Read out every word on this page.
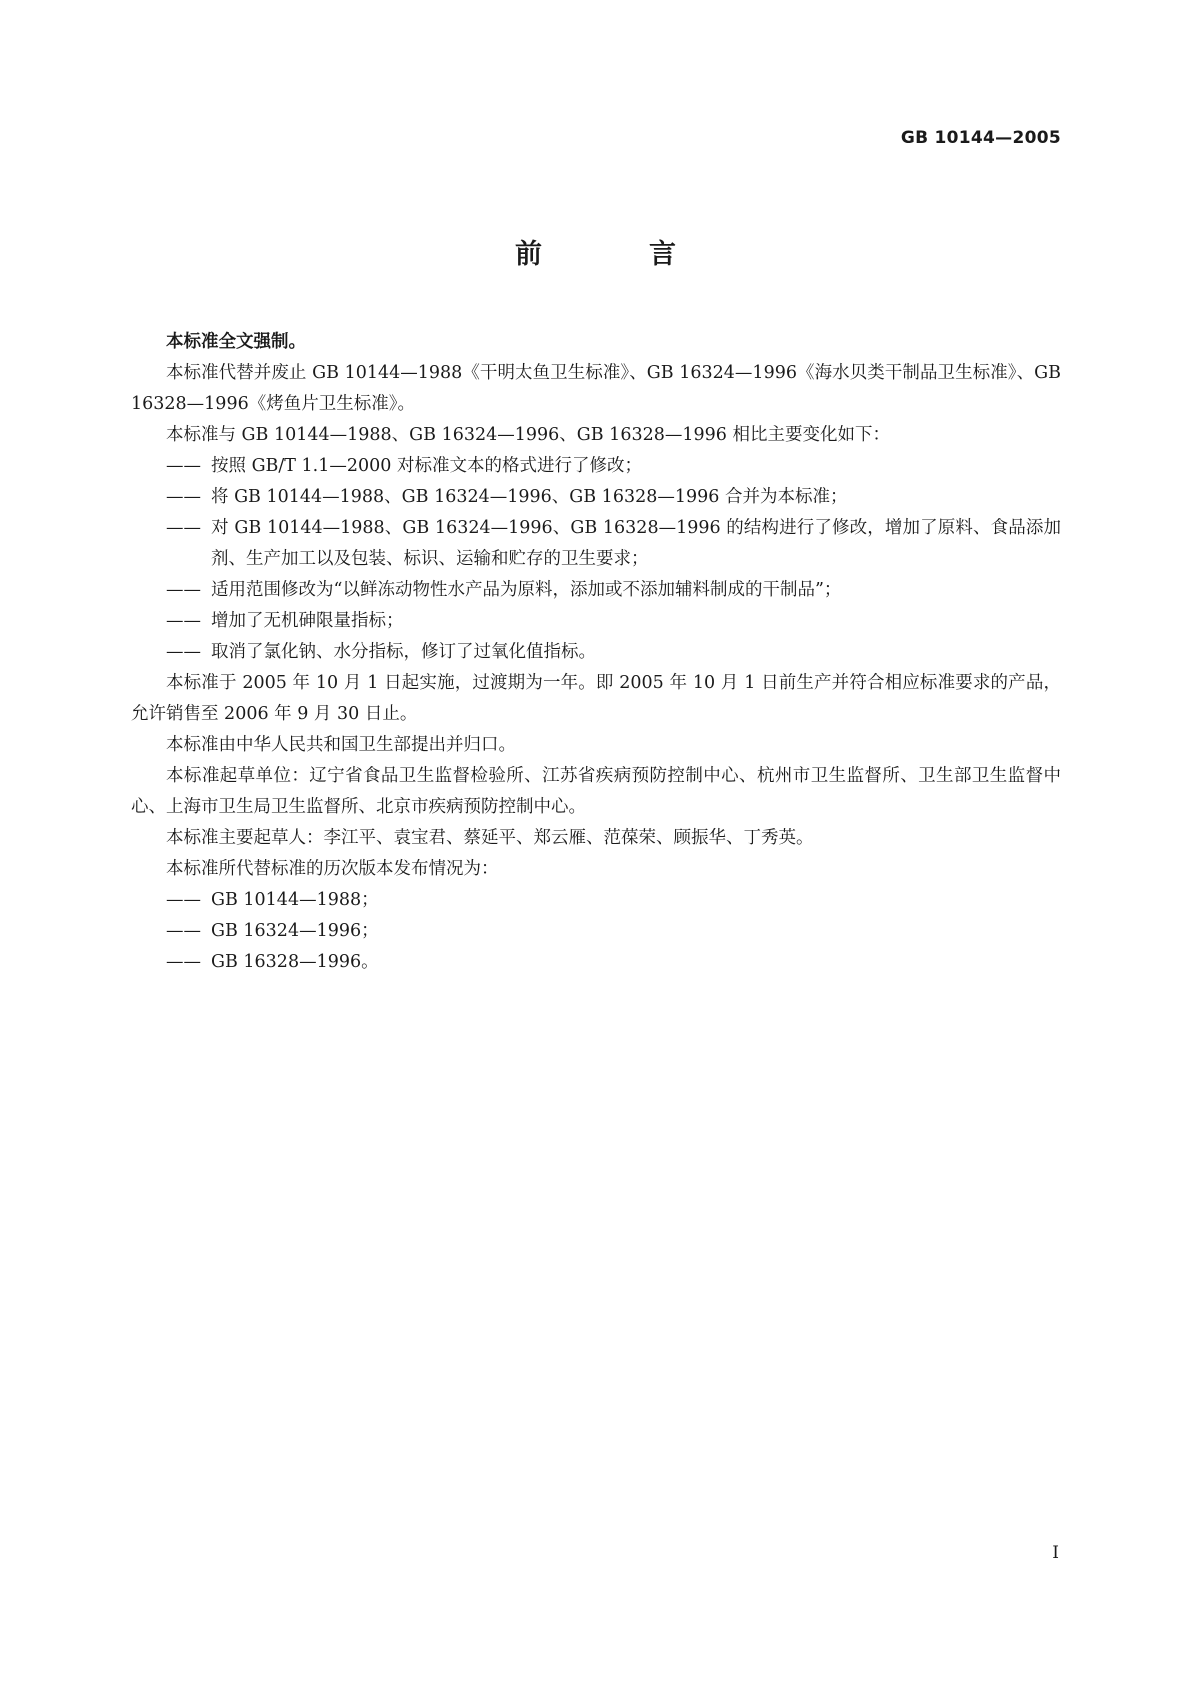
GB 10144—2005
前　言

本标准全文强制。

本标准代替并废止 GB 10144—1988《干明太鱼卫生标准》、GB 16324—1996《海水贝类干制品卫生标准》、GB 16328—1996《烤鱼片卫生标准》。

本标准与 GB 10144—1988、GB 16324—1996、GB 16328—1996 相比主要变化如下：

—— 按照 GB/T 1.1—2000 对标准文本的格式进行了修改；

—— 将 GB 10144—1988、GB 16324—1996、GB 16328—1996 合并为本标准；

—— 对 GB 10144—1988、GB 16324—1996、GB 16328—1996 的结构进行了修改，增加了原料、食品添加剂、生产加工以及包装、标识、运输和贮存的卫生要求；

—— 适用范围修改为“以鲜冻动物性水产品为原料，添加或不添加辅料制成的干制品”；

—— 增加了无机砷限量指标；

—— 取消了氯化钠、水分指标，修订了过氧化值指标。

本标准于 2005 年 10 月 1 日起实施，过渡期为一年。即 2005 年 10 月 1 日前生产并符合相应标准要求的产品，允许销售至 2006 年 9 月 30 日止。

本标准由中华人民共和国卫生部提出并归口。

本标准起草单位：辽宁省食品卫生监督检验所、江苏省疾病预防控制中心、杭州市卫生监督所、卫生部卫生监督中心、上海市卫生局卫生监督所、北京市疾病预防控制中心。

本标准主要起草人：李江平、袁宝君、蔡延平、郑云雁、范葆荣、顾振华、丁秀英。

本标准所代替标准的历次版本发布情况为：

—— GB 10144—1988；

—— GB 16324—1996；

—— GB 16328—1996。

I
